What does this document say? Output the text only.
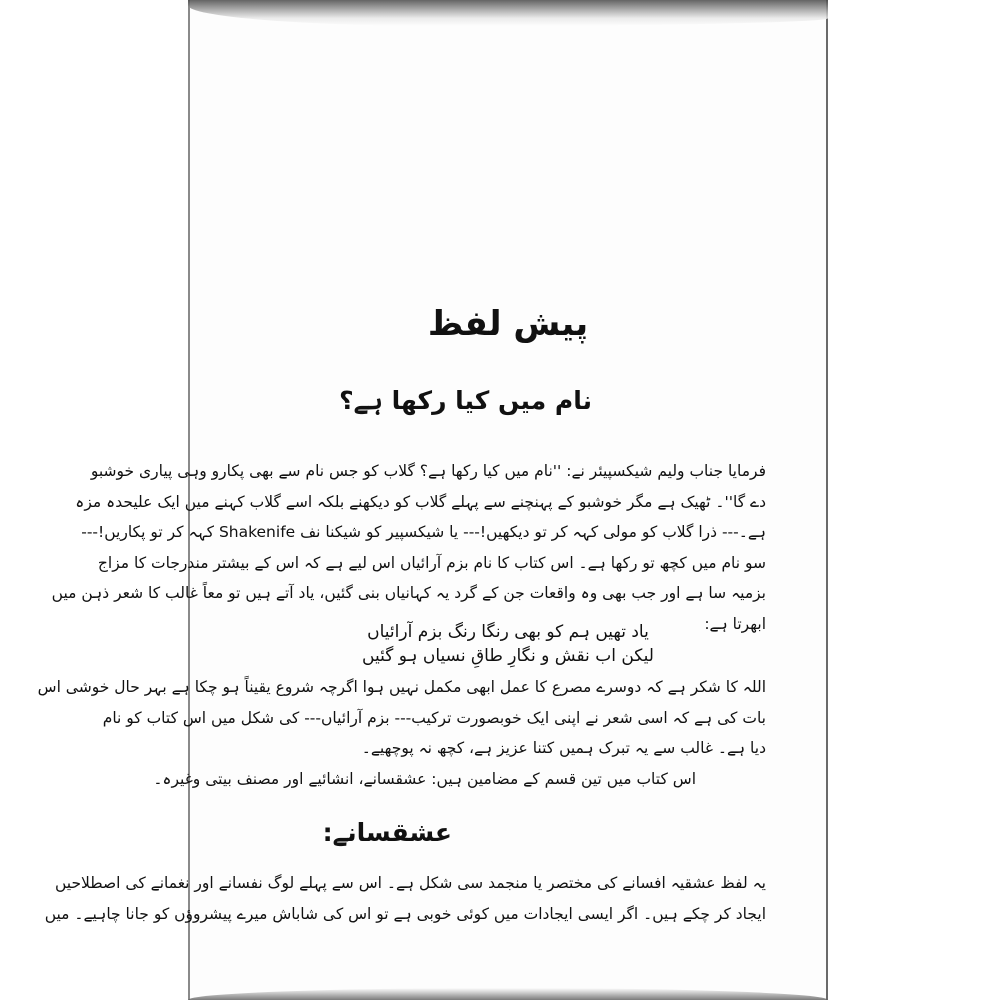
پیش لفظ
نام میں کیا رکھا ہے؟
فرمایا جناب ولیم شیکسپیئر نے: ''نام میں کیا رکھا ہے؟ گلاب کو جس نام سے بھی پکارو وہی پیاری خوشبو
دے گا''۔ ٹھیک ہے مگر خوشبو کے پہنچنے سے پہلے گلاب کو دیکھنے بلکہ اسے گلاب کہنے میں ایک علیحدہ مزہ
ہے۔--- ذرا گلاب کو مولی کہہ کر تو دیکھیں!--- یا شیکسپیر کو شیکنا نف Shakenife کہہ کر تو پکاریں!---
سو نام میں کچھ تو رکھا ہے۔ اس کتاب کا نام بزم آرائیاں اس لیے ہے کہ اس کے بیشتر مندرجات کا مزاج
بزمیہ سا ہے اور جب بھی وہ واقعات جن کے گرد یہ کہانیاں بنی گئیں، یاد آتے ہیں تو معاً غالب کا شعر ذہن میں
ابھرتا ہے:
یاد تھیں ہم کو بھی رنگا رنگ بزم آرائیاں
لیکن اب نقش و نگارِ طاقِ نسیاں ہو گئیں
اللہ کا شکر ہے کہ دوسرے مصرع کا عمل ابھی مکمل نہیں ہوا اگرچہ شروع یقیناً ہو چکا ہے بہر حال خوشی اس
بات کی ہے کہ اسی شعر نے اپنی ایک خوبصورت ترکیب--- بزم آرائیاں--- کی شکل میں اس کتاب کو نام
دیا ہے۔ غالب سے یہ تبرک ہمیں کتنا عزیز ہے، کچھ نہ پوچھیے۔
اس کتاب میں تین قسم کے مضامین ہیں: عشقسانے، انشائیے اور مصنف بیتی وغیرہ۔
عشقسانے:
یہ لفظ عشقیہ افسانے کی مختصر یا منجمد سی شکل ہے۔ اس سے پہلے لوگ نفسانے اور نغمانے کی اصطلاحیں
ایجاد کر چکے ہیں۔ اگر ایسی ایجادات میں کوئی خوبی ہے تو اس کی شاباش میرے پیشروؤں کو جانا چاہیے۔ میں
